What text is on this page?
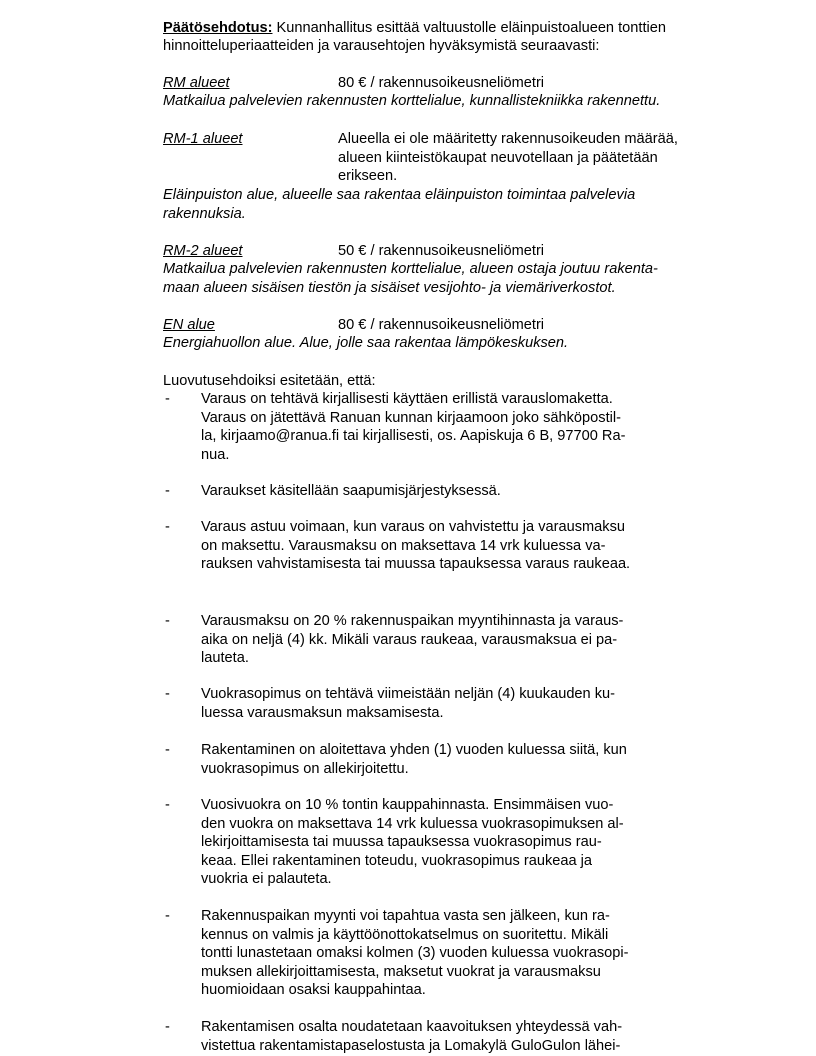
Päätösehdotus: Kunnanhallitus esittää valtuustolle eläinpuistoalueen tonttien
hinnoitteluperiaatteiden ja varausehtojen hyväksymistä seuraavasti:
RM alueet	80 € / rakennusoikeusneliömetri
Matkailua palvelevien rakennusten korttelialue, kunnallistekniikka rakennettu.
RM-1 alueet	Alueella ei ole määritetty rakennusoikeuden määrää,
alueen kiinteistökaupat neuvotellaan ja päätetään
erikseen.
Eläinpuiston alue, alueelle saa rakentaa eläinpuiston toimintaa palvelevia
rakennuksia.
RM-2 alueet	50 € / rakennusoikeusneliömetri
Matkailua palvelevien rakennusten korttelialue, alueen ostaja joutuu rakenta-
maan alueen sisäisen tiestön ja sisäiset vesijohto- ja viemäriverkostot.
EN alue	80 € / rakennusoikeusneliömetri
Energiahuollon alue. Alue, jolle saa rakentaa lämpökeskuksen.
Luovutusehdoiksi esitetään, että:
- Varaus on tehtävä kirjallisesti käyttäen erillistä varauslomaketta.
Varaus on jätettävä Ranuan kunnan kirjaamoon joko sähköpostil-
la, kirjaamo@ranua.fi tai kirjallisesti, os. Aapiskuja 6 B, 97700 Ra-
nua.
- Varaukset käsitellään saapumisjärjestyksessä.
- Varaus astuu voimaan, kun varaus on vahvistettu ja varausmaksu
on maksettu. Varausmaksu on maksettava 14 vrk kuluessa va-
rauksen vahvistamisesta tai muussa tapauksessa varaus raukeaa.
- Varausmaksu on 20 % rakennuspaikan myyntihinnasta ja varaus-
aika on neljä (4) kk. Mikäli varaus raukeaa, varausmaksua ei pa-
lauteta.
- Vuokrasopimus on tehtävä viimeistään neljän (4) kuukauden ku-
luessa varausmaksun maksamisesta.
- Rakentaminen on aloitettava yhden (1) vuoden kuluessa siitä, kun
vuokrasopimus on allekirjoitettu.
- Vuosivuokra on 10 % tontin kauppahinnasta. Ensimmäisen vuo-
den vuokra on maksettava 14 vrk kuluessa vuokrasopimuksen al-
lekirjoittamisesta tai muussa tapauksessa vuokrasopimus rau-
keaa. Ellei rakentaminen toteudu, vuokrasopimus raukeaa ja
vuokria ei palauteta.
- Rakennuspaikan myynti voi tapahtua vasta sen jälkeen, kun ra-
kennus on valmis ja käyttöönottokatselmus on suoritettu. Mikäli
tontti lunastetaan omaksi kolmen (3) vuoden kuluessa vuokrasopi-
muksen allekirjoittamisesta, maksetut vuokrat ja varausmaksu
huomioidaan osaksi kauppahintaa.
- Rakentamisen osalta noudatetaan kaavoituksen yhteydessä vah-
vistettua rakentamistapaselostusta ja Lomakylä GuloGulon lähei-
